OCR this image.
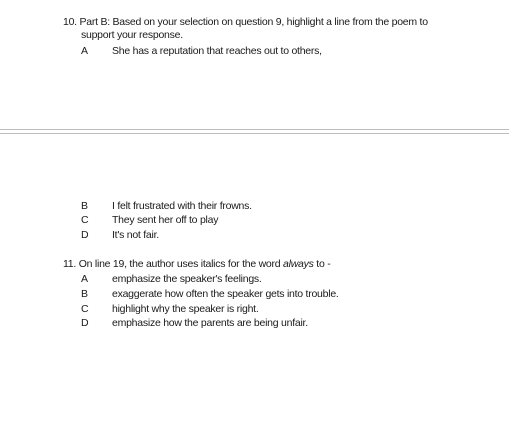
10. Part B: Based on your selection on question 9, highlight a line from the poem to
support your response.
A	She has a reputation that reaches out to others,
B	I felt frustrated with their frowns.
C	They sent her off to play
D	It's not fair.
11. On line 19, the author uses italics for the word always to -
A	emphasize the speaker's feelings.
B	exaggerate how often the speaker gets into trouble.
C	highlight why the speaker is right.
D	emphasize how the parents are being unfair.
